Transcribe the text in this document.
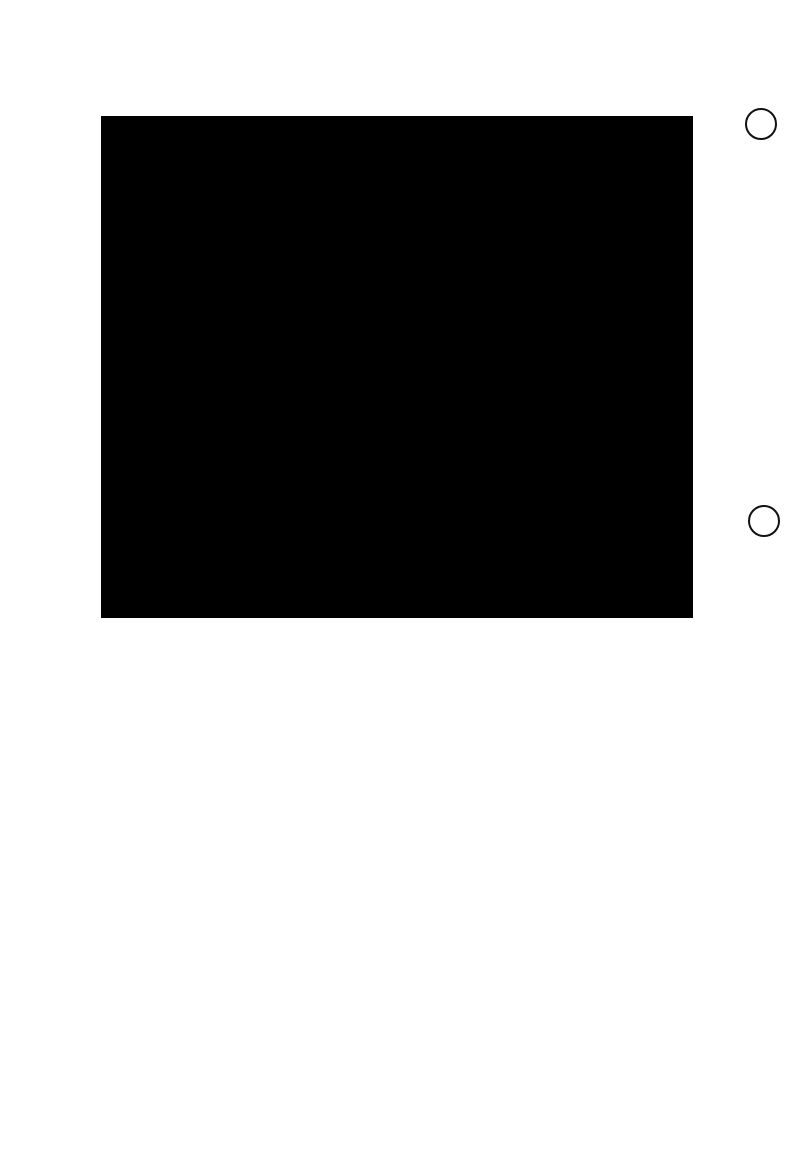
tubes, and as a temporary laydown area removed annually.¹⁹
●
Bypass Basin (see Figure 5-7 for a typical constru ¹⁵ Teleconference with Mark Kelly ¹⁶ Schwartz 2006 ¹⁷ Mark Kelly Deposition, p. 53 ¹⁸ MWG13-15_49084-49256; MWG13-15_10209- ¹⁹ Mark Kelly Deposition pp. 54-6
11-2-2015 J.Seymour Expert Report
